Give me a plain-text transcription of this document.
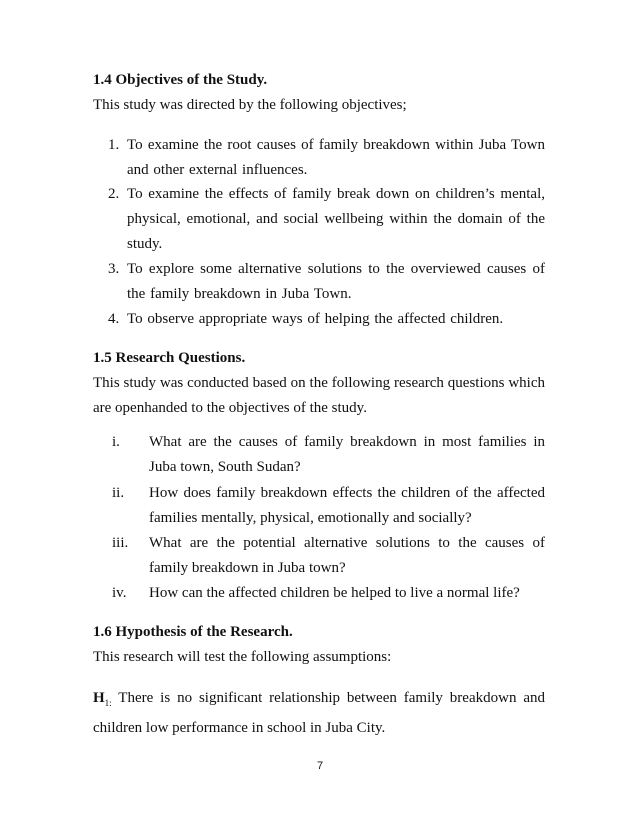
1.4 Objectives of the Study.
This study was directed by the following objectives;
1. To examine the root causes of family breakdown within Juba Town and other external influences.
2. To examine the effects of family break down on children’s mental, physical, emotional, and social wellbeing within the domain of the study.
3. To explore some alternative solutions to the overviewed causes of the family breakdown in Juba Town.
4. To observe appropriate ways of helping the affected children.
1.5 Research Questions.
This study was conducted based on the following research questions which are openhanded to the objectives of the study.
i.	What are the causes of family breakdown in most families in Juba town, South Sudan?
ii.	How does family breakdown effects the children of the affected families mentally, physical, emotionally and socially?
iii.	What are the potential alternative solutions to the causes of family breakdown in Juba town?
iv.	How can the affected children be helped to live a normal life?
1.6 Hypothesis of the Research.
This research will test the following assumptions:
$H_{1:}$ There is no significant relationship between family breakdown and children low performance in school in Juba City.
7
